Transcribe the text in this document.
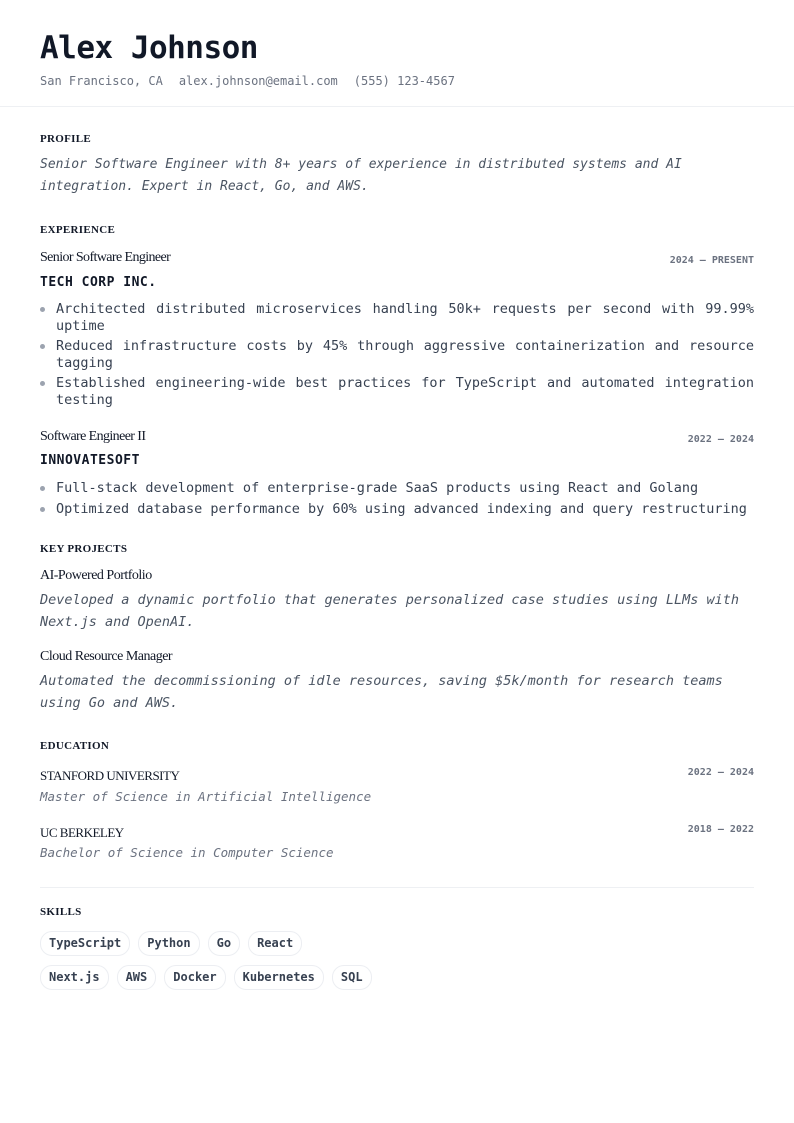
Alex Johnson
San Francisco, CA alex.johnson@email.com (555) 123-4567
PROFILE
Senior Software Engineer with 8+ years of experience in distributed systems and AI integration. Expert in React, Go, and AWS.
EXPERIENCE
Senior Software Engineer	2024 — PRESENT
TECH CORP INC.
Architected distributed microservices handling 50k+ requests per second with 99.99% uptime
Reduced infrastructure costs by 45% through aggressive containerization and resource tagging
Established engineering-wide best practices for TypeScript and automated integration testing
Software Engineer II	2022 — 2024
INNOVATESOFT
Full-stack development of enterprise-grade SaaS products using React and Golang
Optimized database performance by 60% using advanced indexing and query restructuring
KEY PROJECTS
AI-Powered Portfolio
Developed a dynamic portfolio that generates personalized case studies using LLMs with Next.js and OpenAI.
Cloud Resource Manager
Automated the decommissioning of idle resources, saving $5k/month for research teams using Go and AWS.
EDUCATION
STANFORD UNIVERSITY	2022 — 2024
Master of Science in Artificial Intelligence
UC BERKELEY	2018 — 2022
Bachelor of Science in Computer Science
SKILLS
TypeScript	Python	Go	React
Next.js	AWS	Docker	Kubernetes	SQL
